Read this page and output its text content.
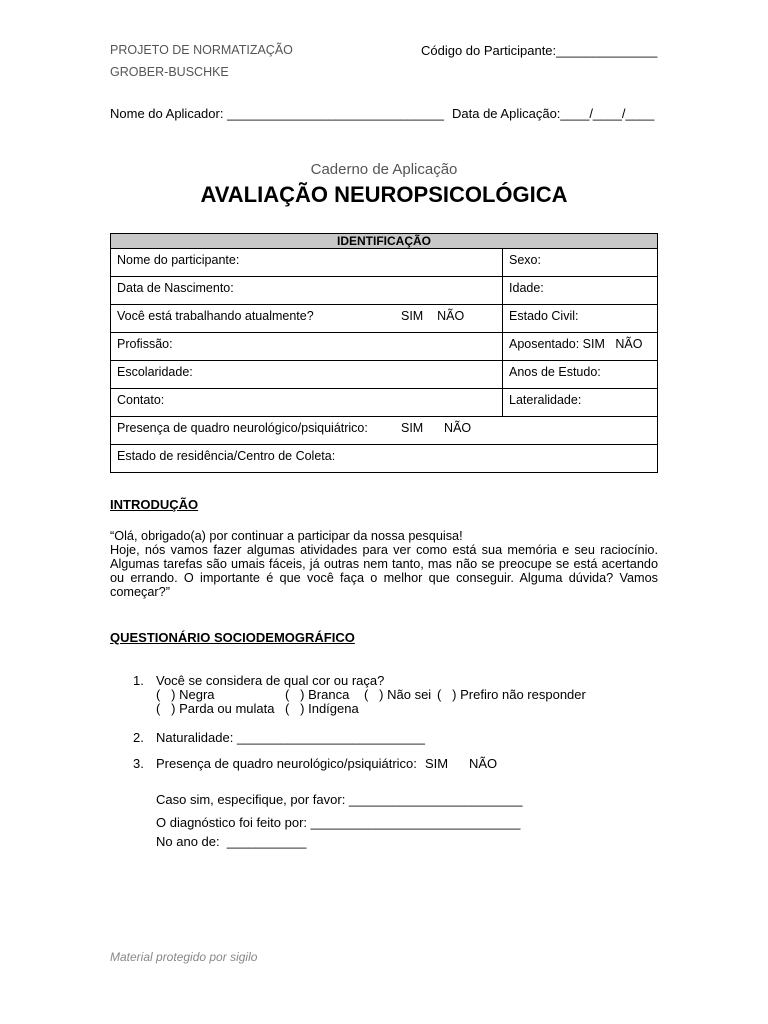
PROJETO DE NORMATIZAÇÃO
GROBER-BUSCHKE
Código do Participante:______________
Nome do Aplicador: ______________________________ Data de Aplicação:____/____/____
Caderno de Aplicação
AVALIAÇÃO NEUROPSICOLÓGICA
IDENTIFICAÇÃO	
Nome do participante:	Sexo:
Data de Nascimento:	Idade:
Você está trabalhando atualmente? SIM    NÃO	Estado Civil:
Profissão:	Aposentado: SIM   NÃO
Escolaridade:	Anos de Estudo:
Contato:	Lateralidade:
Presença de quadro neurológico/psiquiátrico: SIM      NÃO	

Estado de residência/Centro de Coleta:	
INTRODUÇÃO
“Olá, obrigado(a) por continuar a participar da nossa pesquisa!
Hoje, nós vamos fazer algumas atividades para ver como está sua memória e seu raciocínio. Algumas tarefas são umais fáceis, já outras nem tanto, mas não se preocupe se está acertando ou errando. O importante é que você faça o melhor que conseguir. Alguma dúvida? Vamos começar?”
QUESTIONÁRIO SOCIODEMOGRÁFICO
1. Você se considera de qual cor ou raça?
(   ) Negra	(   ) Branca (   ) Não sei (   ) Prefiro não responder
(   ) Parda ou mulata (   ) Indígena
2. Naturalidade: __________________________
3. Presença de quadro neurológico/psiquiátrico: SIM NÃO
Caso sim, especifique, por favor: ________________________
O diagnóstico foi feito por: _____________________________
No ano de:  ___________
Material protegido por sigilo
